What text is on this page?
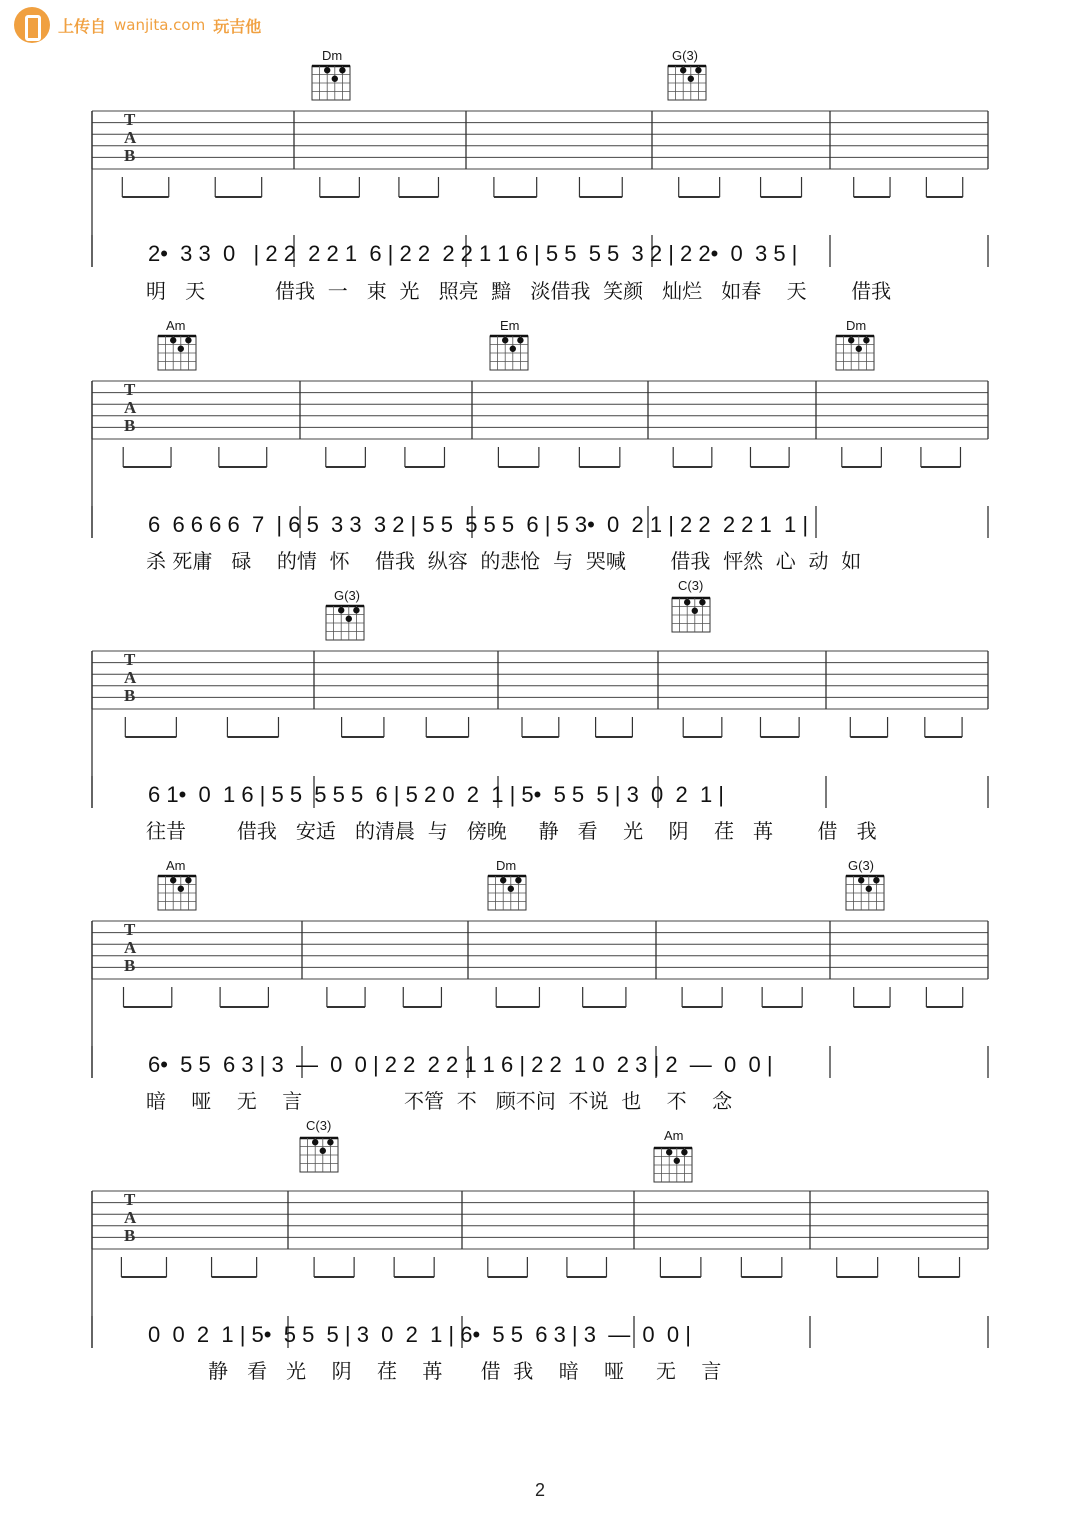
上传自 wanjita.com 玩吉他
T
A
B
T
A
B
T
A
B
T
A
B
T
A
B
2•  3 3  0   | 2 2  2 2 1  6 | 2 2  2 2 1 1 6 | 5 5  5 5  3 2 | 2 2•  0  3 5 |
明   天           借我  一   束  光   照亮  黯   淡借我  笑颜   灿烂   如春    天       借我
6  6 6 6 6  7  | 6 5  3 3  3 2 | 5 5  5 5 5  6 | 5 3•  0  2 1 | 2 2  2 2 1  1 |
杀 死庸   碌    的情  怀    借我  纵容  的悲怆  与  哭喊       借我  怦然  心  动  如
6 1•  0  1 6 | 5 5  5 5 5  6 | 5 2 0  2  1 | 5•  5 5  5 | 3  0  2  1 |
往昔        借我   安适   的清晨  与   傍晚     静   看    光    阴    荏   苒       借   我
6•  5 5  6 3 | 3  —  0  0 | 2 2  2 2 1 1 6 | 2 2  1 0  2 3 | 2  —  0  0 |
暗    哑    无    言                不管  不   顾不问  不说  也    不    念
0  0  2  1 | 5•  5 5  5 | 3  0  2  1 | 6•  5 5  6 3 | 3  —  0  0 |
静   看   光    阴    荏    苒      借  我    暗    哑     无    言
Dm	G(3)
Am	Em	Dm
G(3)
C(3)
Am	Dm	G(3)
C(3)
Am
2
